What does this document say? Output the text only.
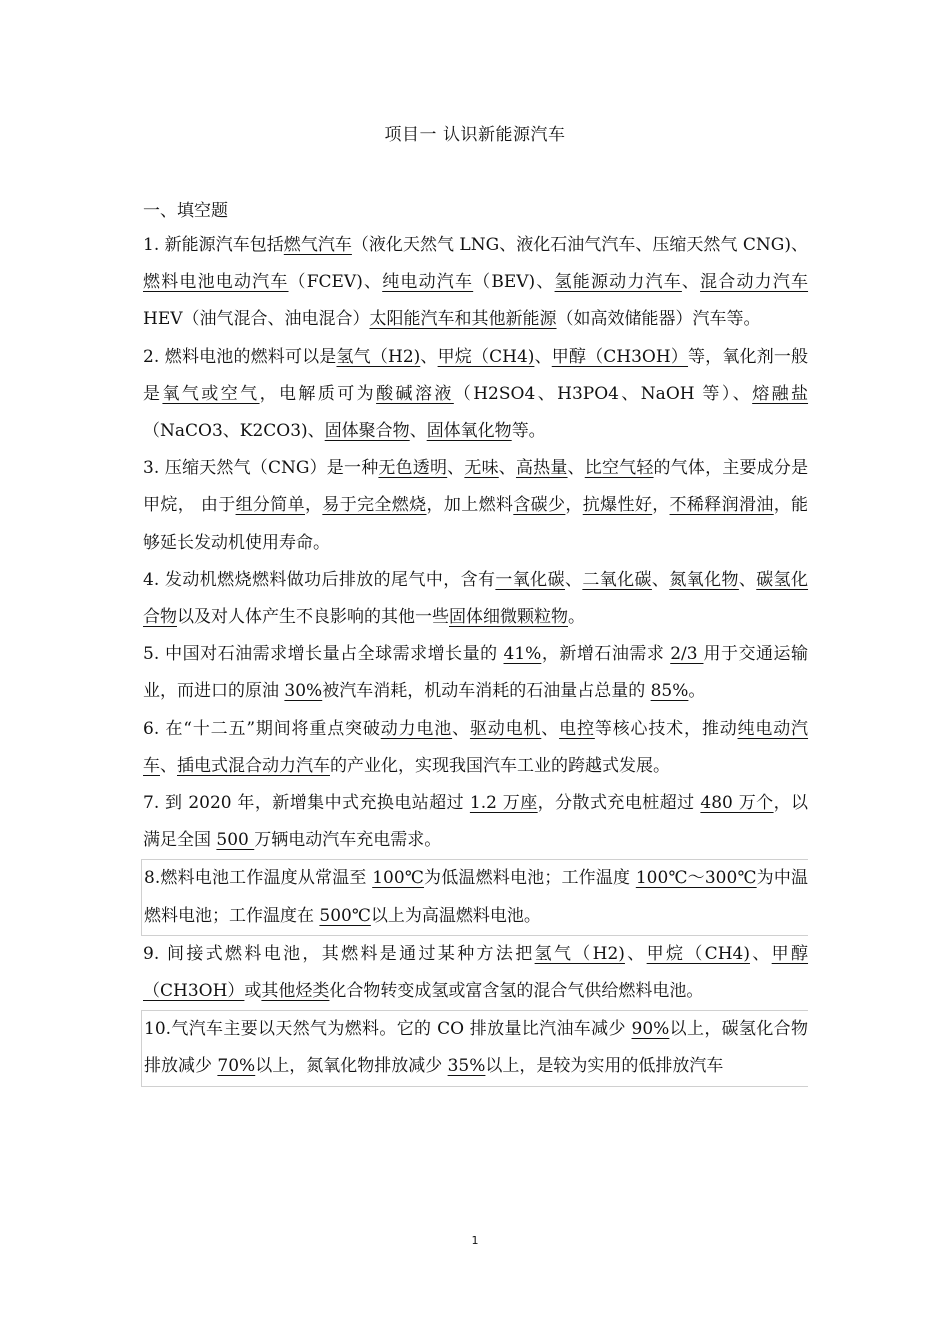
项目一 认识新能源汽车
一、填空题

1. 新能源汽车包括燃气汽车（液化天然气 LNG、液化石油气汽车、压缩天然气 CNG)、燃料电池电动汽车（FCEV)、纯电动汽车（BEV)、氢能源动力汽车、混合动力汽车 HEV（油气混合、油电混合）太阳能汽车和其他新能源（如高效储能器）汽车等。

2. 燃料电池的燃料可以是氢气（H2)、甲烷（CH4)、甲醇（CH3OH）等，氧化剂一般是氧气或空气，电解质可为酸碱溶液（H2SO4、H3PO4、NaOH 等）、熔融盐（NaCO3、K2CO3)、固体聚合物、固体氧化物等。

3. 压缩天然气（CNG）是一种无色透明、无味、高热量、比空气轻的气体，主要成分是甲烷， 由于组分简单，易于完全燃烧，加上燃料含碳少，抗爆性好，不稀释润滑油，能够延长发动机使用寿命。

4. 发动机燃烧燃料做功后排放的尾气中，含有一氧化碳、二氧化碳、氮氧化物、碳氢化合物以及对人体产生不良影响的其他一些固体细微颗粒物。

5. 中国对石油需求增长量占全球需求增长量的 41%，新增石油需求 2/3 用于交通运输业，而进口的原油 30%被汽车消耗，机动车消耗的石油量占总量的 85%。

6. 在“十二五”期间将重点突破动力电池、驱动电机、电控等核心技术，推动纯电动汽车、插电式混合动力汽车的产业化，实现我国汽车工业的跨越式发展。

7. 到 2020 年，新增集中式充换电站超过 1.2 万座，分散式充电桩超过 480 万个，以满足全国 500 万辆电动汽车充电需求。

8.燃料电池工作温度从常温至 100℃为低温燃料电池；工作温度 100℃～300℃为中温燃料电池；工作温度在 500℃以上为高温燃料电池。

9. 间接式燃料电池，其燃料是通过某种方法把氢气（H2)、甲烷（CH4)、甲醇（CH3OH）或其他烃类化合物转变成氢或富含氢的混合气供给燃料电池。

10.气汽车主要以天然气为燃料。它的 CO 排放量比汽油车减少 90%以上，碳氢化合物排放减少 70%以上，氮氧化物排放减少 35%以上，是较为实用的低排放汽车

1
